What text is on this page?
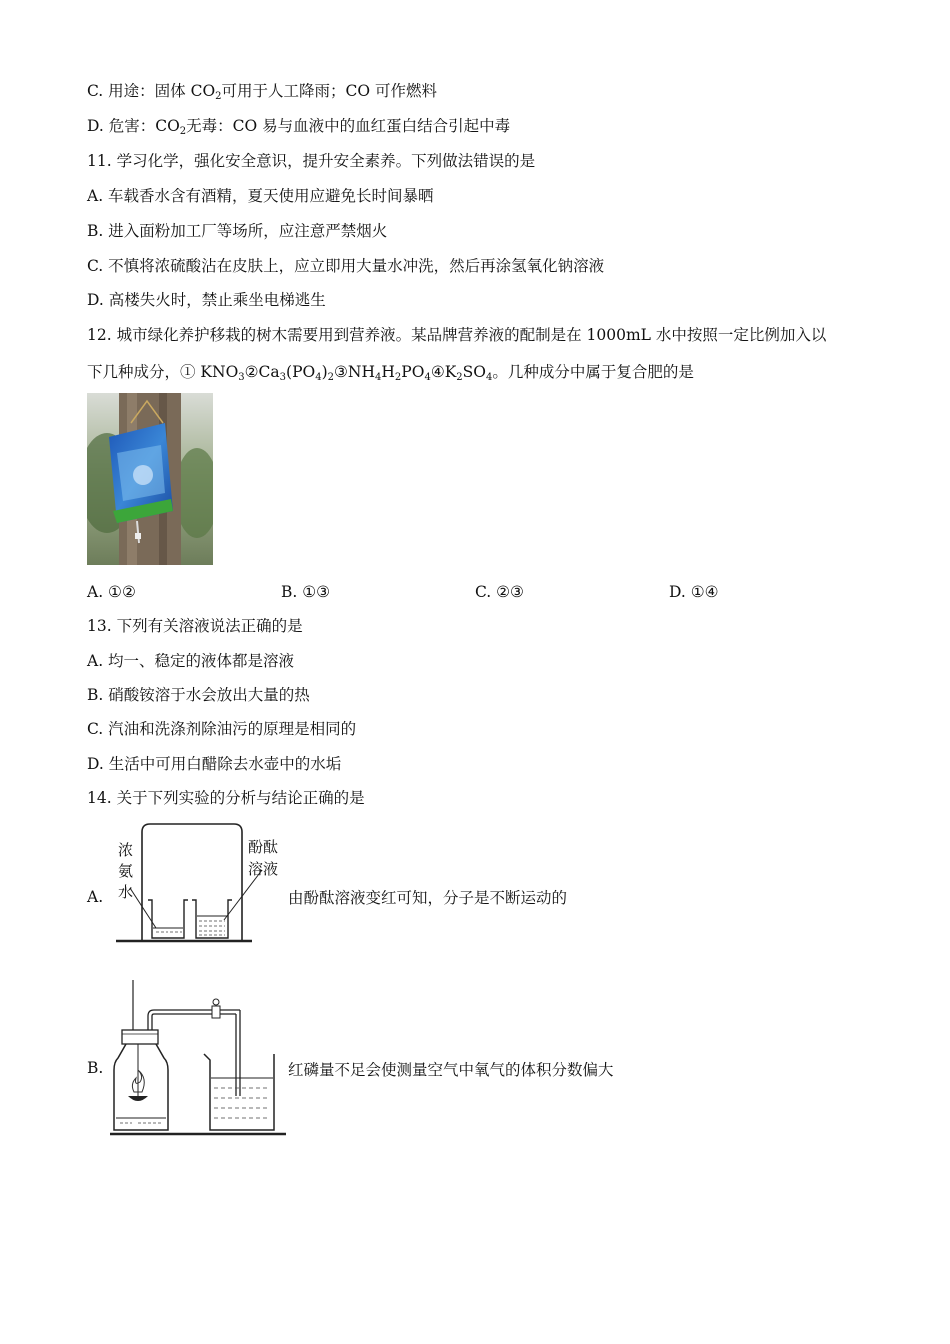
C. 用途：固体 $CO_2$可用于人工降雨；CO 可作燃料
D. 危害：$CO_2$无毒：CO 易与血液中的血红蛋白结合引起中毒
11. 学习化学，强化安全意识，提升安全素养。下列做法错误的是
A. 车载香水含有酒精，夏天使用应避免长时间暴晒
B. 进入面粉加工厂等场所，应注意严禁烟火
C. 不慎将浓硫酸沾在皮肤上，应立即用大量水冲洗，然后再涂氢氧化钠溶液
D. 高楼失火时，禁止乘坐电梯逃生
12. 城市绿化养护移栽的树木需要用到营养液。某品牌营养液的配制是在 1000mL 水中按照一定比例加入以
下几种成分，① $KNO_3②Ca_3(PO_4)_2③NH_4H_2PO_4④K_2SO_4$。几种成分中属于复合肥的是
A. ①②	B. ①③	C. ②③	D. ①④
13. 下列有关溶液说法正确的是
A. 均一、稳定的液体都是溶液
B. 硝酸铵溶于水会放出大量的热
C. 汽油和洗涤剂除油污的原理是相同的
D. 生活中可用白醋除去水壶中的水垢
14. 关于下列实验的分析与结论正确的是
A.
浓
氨
水
酚酞
溶液
由酚酞溶液变红可知，分子是不断运动的
B.	红磷量不足会使测量空气中氧气的体积分数偏大
